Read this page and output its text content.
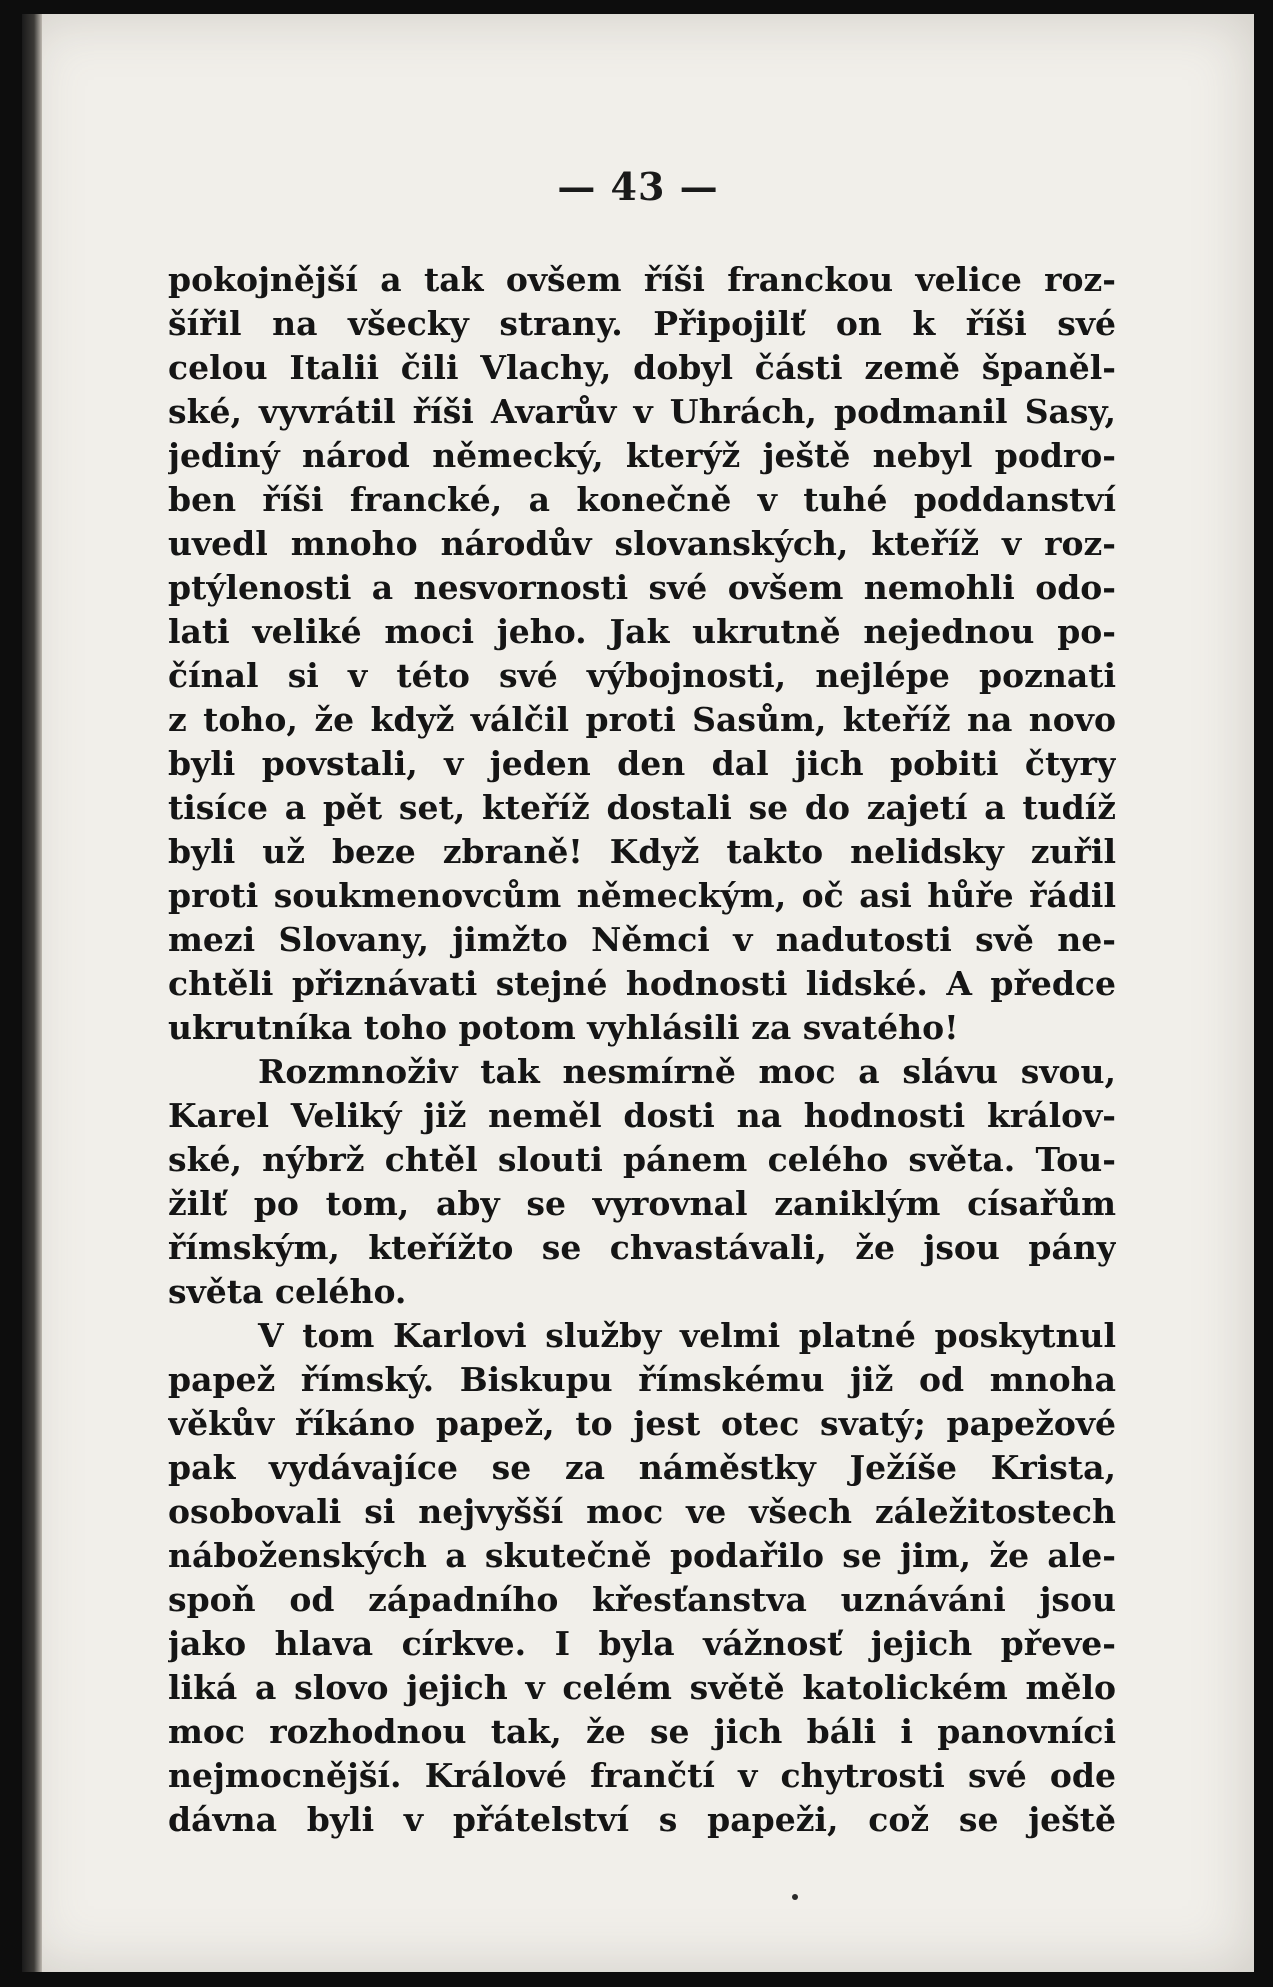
— 43 —
pokojnější a tak ovšem říši franckou velice roz-
šířil na všecky strany. Připojilť on k říši své
celou Italii čili Vlachy, dobyl části země španěl-
ské, vyvrátil říši Avarův v Uhrách, podmanil Sasy,
jediný národ německý, kterýž ještě nebyl podro-
ben říši francké, a konečně v tuhé poddanství
uvedl mnoho národův slovanských, kteříž v roz-
ptýlenosti a nesvornosti své ovšem nemohli odo-
lati veliké moci jeho. Jak ukrutně nejednou po-
čínal si v této své výbojnosti, nejlépe poznati
z toho, že když válčil proti Sasům, kteříž na novo
byli povstali, v jeden den dal jich pobiti čtyry
tisíce a pět set, kteříž dostali se do zajetí a tudíž
byli už beze zbraně! Když takto nelidsky zuřil
proti soukmenovcům německým, oč asi hůře řádil
mezi Slovany, jimžto Němci v nadutosti svě ne-
chtěli přiznávati stejné hodnosti lidské. A předce
ukrutníka toho potom vyhlásili za svatého!
Rozmnoživ tak nesmírně moc a slávu svou,
Karel Veliký již neměl dosti na hodnosti králov-
ské, nýbrž chtěl slouti pánem celého světa. Tou-
žilť po tom, aby se vyrovnal zaniklým císařům
římským, kteřížto se chvastávali, že jsou pány
světa celého.
V tom Karlovi služby velmi platné poskytnul
papež římský. Biskupu římskému již od mnoha
věkův říkáno papež, to jest otec svatý; papežové
pak vydávajíce se za náměstky Ježíše Krista,
osobovali si nejvyšší moc ve všech záležitostech
náboženských a skutečně podařilo se jim, že ale-
spoň od západního křesťanstva uznáváni jsou
jako hlava církve. I byla vážnosť jejich převe-
liká a slovo jejich v celém světě katolickém mělo
moc rozhodnou tak, že se jich báli i panovníci
nejmocnější. Králové frančtí v chytrosti své ode
dávna byli v přátelství s papeži, což se ještě
